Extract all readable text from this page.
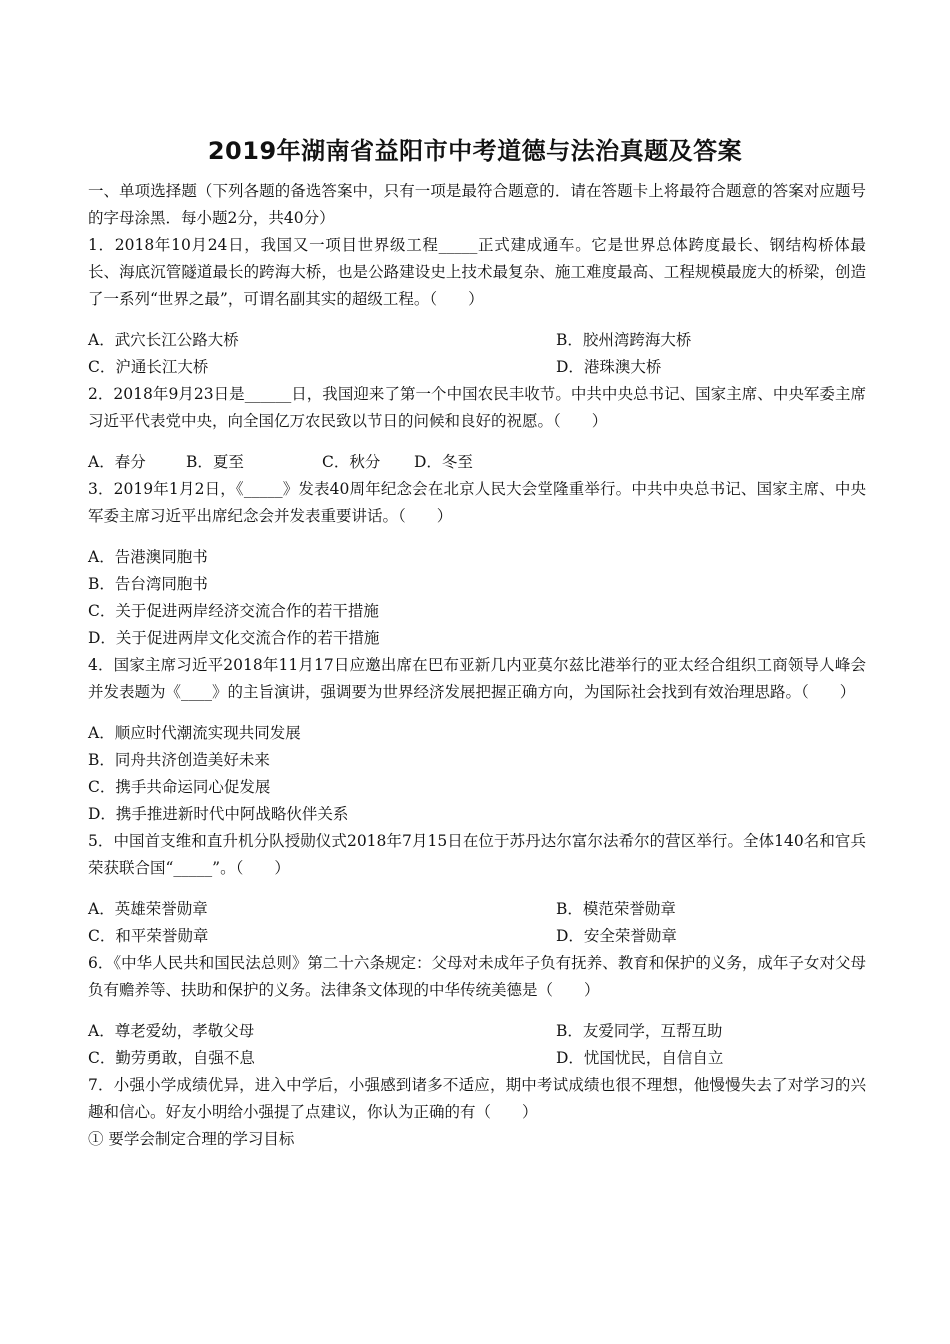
2019年湖南省益阳市中考道德与法治真题及答案
一、单项选择题（下列各题的备选答案中，只有一项是最符合题意的．请在答题卡上将最符合题意的答案对应题号的字母涂黑．每小题2分，共40分）
1．2018年10月24日，我国又一项目世界级工程_____正式建成通车。它是世界总体跨度最长、钢结构桥体最长、海底沉管隧道最长的跨海大桥，也是公路建设史上技术最复杂、施工难度最高、工程规模最庞大的桥梁，创造了一系列“世界之最”，可谓名副其实的超级工程。（　　）
A．武穴长江公路大桥	B．胶州湾跨海大桥
C．沪通长江大桥	D．港珠澳大桥
2．2018年9月23日是______日，我国迎来了第一个中国农民丰收节。中共中央总书记、国家主席、中央军委主席习近平代表党中央，向全国亿万农民致以节日的问候和良好的祝愿。（　　）
A．春分	B．夏至	C．秋分	D．冬至
3．2019年1月2日，《_____》发表40周年纪念会在北京人民大会堂隆重举行。中共中央总书记、国家主席、中央军委主席习近平出席纪念会并发表重要讲话。（　　）
A．告港澳同胞书
B．告台湾同胞书
C．关于促进两岸经济交流合作的若干措施
D．关于促进两岸文化交流合作的若干措施
4．国家主席习近平2018年11月17日应邀出席在巴布亚新几内亚莫尔兹比港举行的亚太经合组织工商领导人峰会并发表题为《____》的主旨演讲，强调要为世界经济发展把握正确方向，为国际社会找到有效治理思路。（　　）
A．顺应时代潮流实现共同发展
B．同舟共济创造美好未来
C．携手共命运同心促发展
D．携手推进新时代中阿战略伙伴关系
5．中国首支维和直升机分队授勋仪式2018年7月15日在位于苏丹达尔富尔法希尔的营区举行。全体140名和官兵荣获联合国“_____”。（　　）
A．英雄荣誉勋章	B．模范荣誉勋章
C．和平荣誉勋章	D．安全荣誉勋章
6．《中华人民共和国民法总则》第二十六条规定：父母对未成年子负有抚养、教育和保护的义务，成年子女对父母负有赡养等、扶助和保护的义务。法律条文体现的中华传统美德是（　　）
A．尊老爱幼，孝敬父母	B．友爱同学，互帮互助
C．勤劳勇敢，自强不息	D．忧国忧民，自信自立
7．小强小学成绩优异，进入中学后，小强感到诸多不适应，期中考试成绩也很不理想，他慢慢失去了对学习的兴趣和信心。好友小明给小强提了点建议，你认为正确的有（　　）
① 要学会制定合理的学习目标
